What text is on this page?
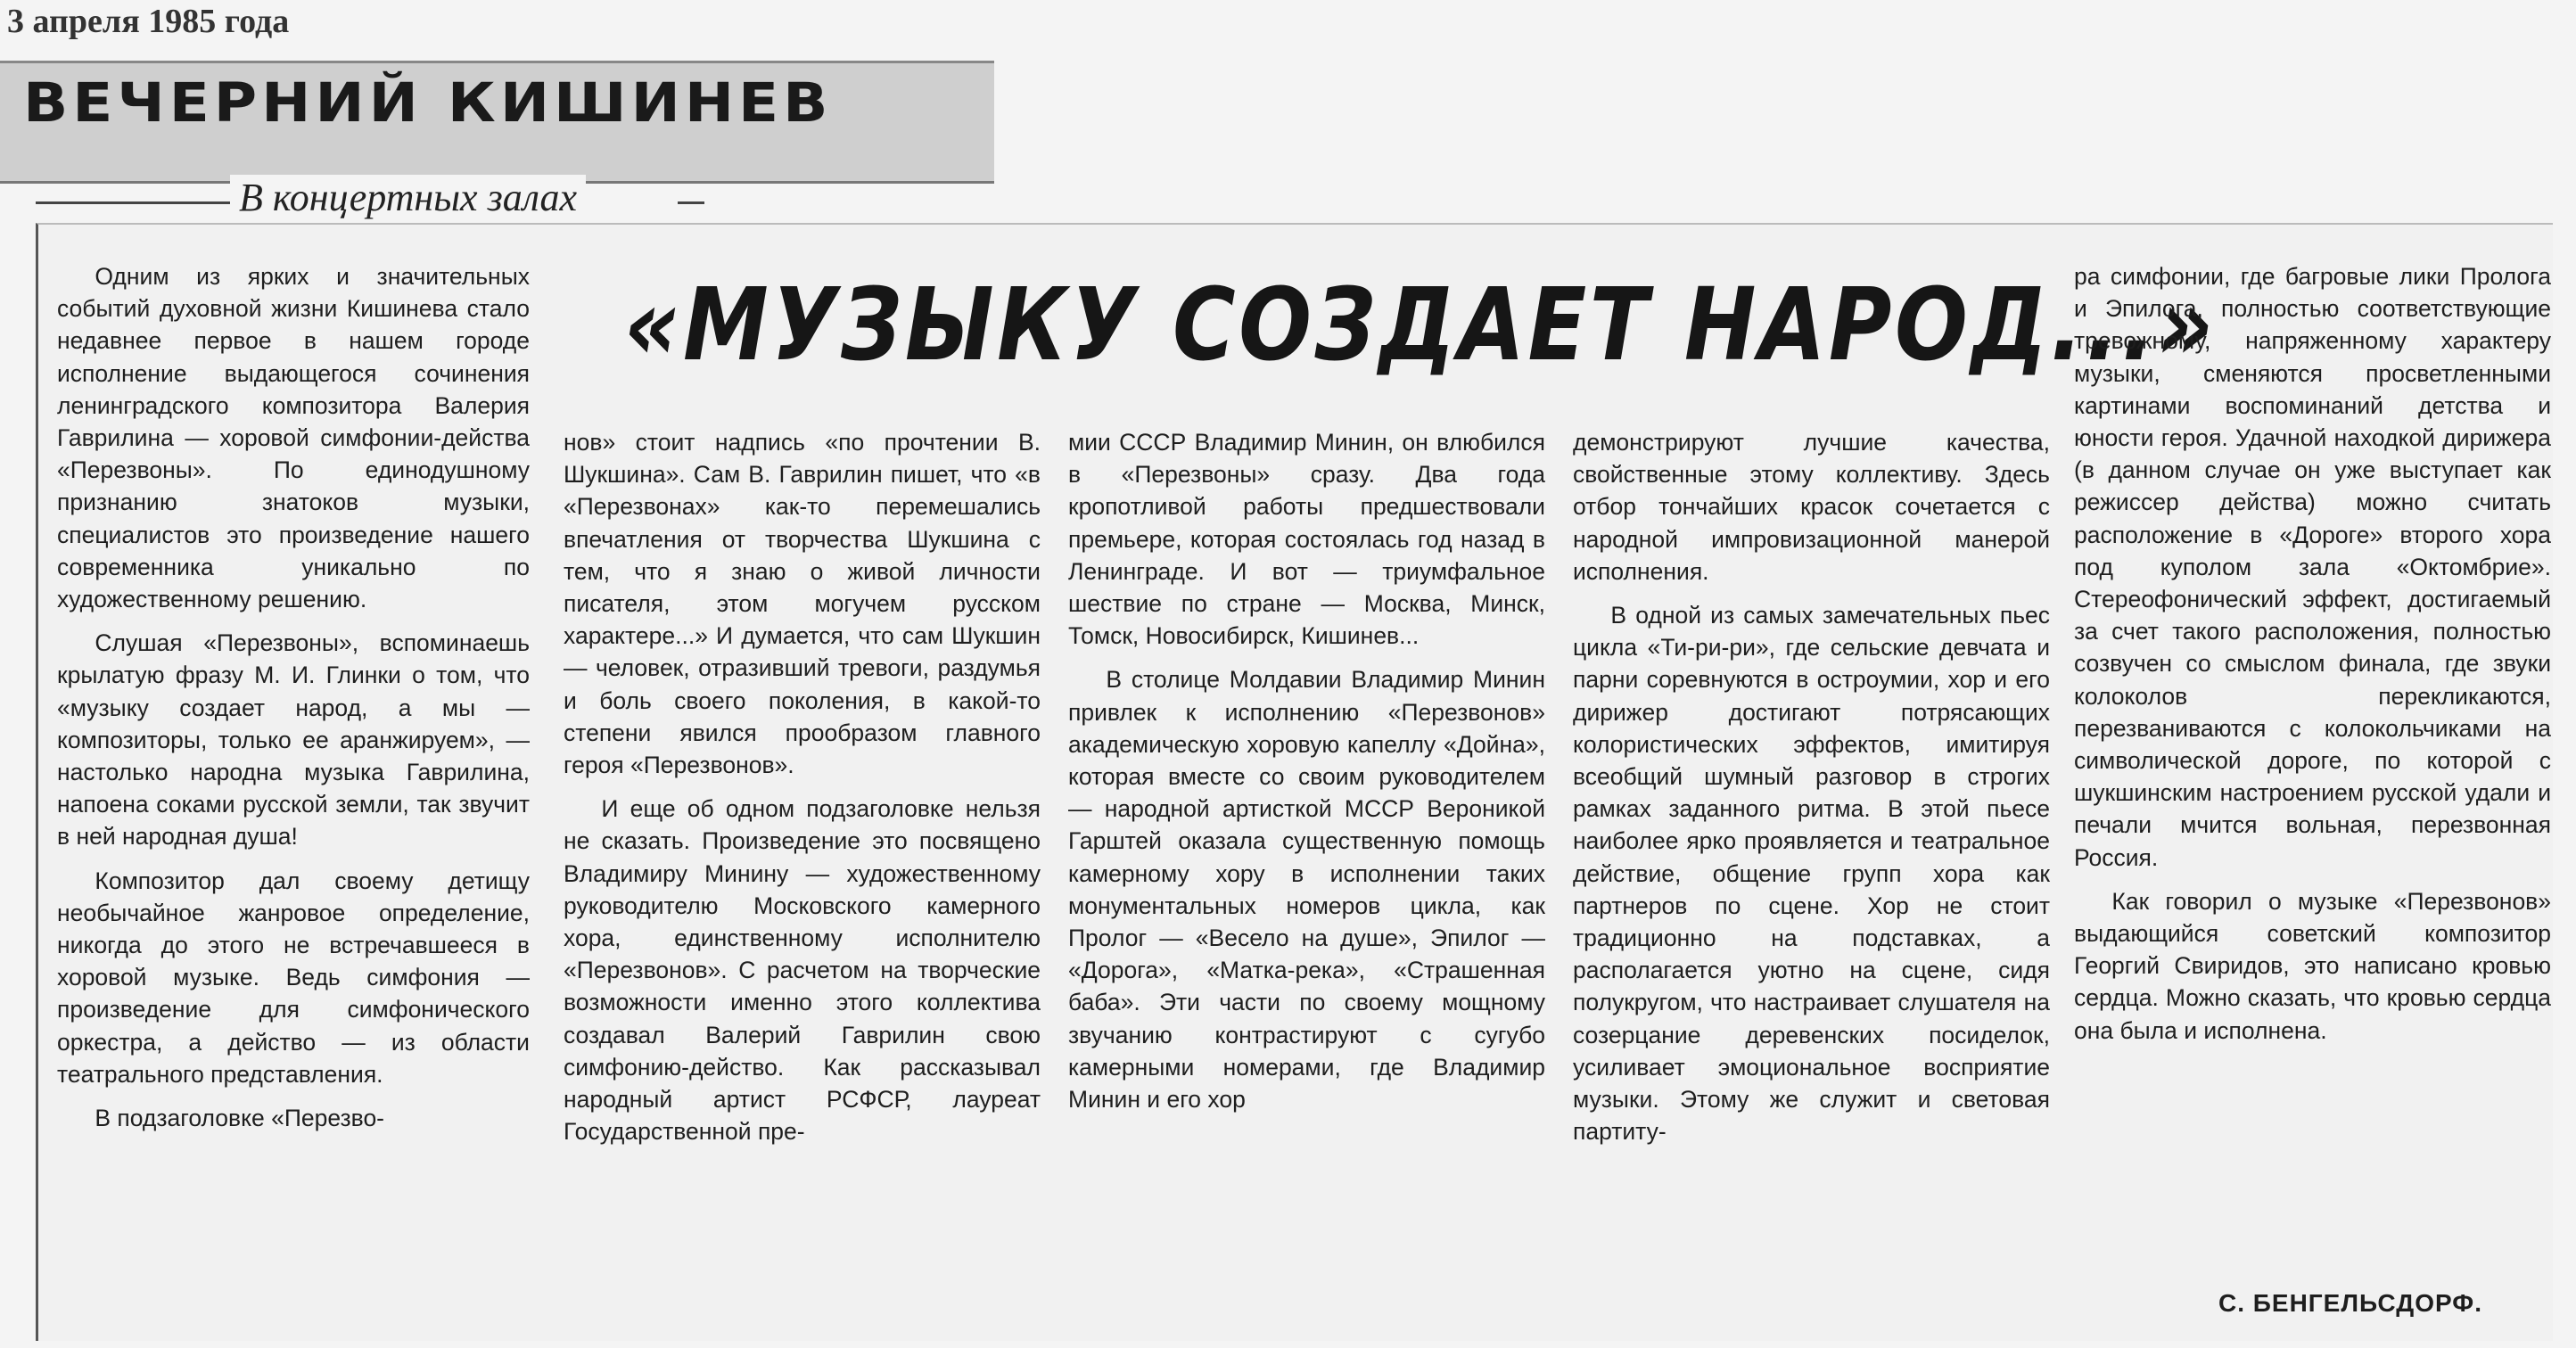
3 апреля 1985 года
ВЕЧЕРНИЙ КИШИНЕВ
В концертных залах
«МУЗЫКУ СОЗДАЕТ НАРОД...»

Одним из ярких и значительных событий духовной жизни Кишинева стало недавнее первое в нашем городе исполнение выдающегося сочинения ленинградского композитора Валерия Гаврилина — хоровой симфонии-действа «Перезвоны». По единодушному признанию знатоков музыки, специалистов это произведение нашего современника уникально по художественному решению.

Слушая «Перезвоны», вспоминаешь крылатую фразу М. И. Глинки о том, что «музыку создает народ, а мы — композиторы, только ее аранжируем», — настолько народна музыка Гаврилина, напоена соками русской земли, так звучит в ней народная душа!

Композитор дал своему детищу необычайное жанровое определение, никогда до этого не встречавшееся в хоровой музыке. Ведь симфония — произведение для симфонического оркестра, а действо — из области театрального представления.

В подзаголовке «Перезво-

нов» стоит надпись «по прочтении В. Шукшина». Сам В. Гаврилин пишет, что «в «Перезвонах» как-то перемешались впечатления от творчества Шукшина с тем, что я знаю о живой личности писателя, этом могучем русском характере...» И думается, что сам Шукшин — человек, отразивший тревоги, раздумья и боль своего поколения, в какой-то степени явился прообразом главного героя «Перезвонов».

И еще об одном подзаголовке нельзя не сказать. Произведение это посвящено Владимиру Минину — художественному руководителю Московского камерного хора, единственному исполнителю «Перезвонов». С расчетом на творческие возможности именно этого коллектива создавал Валерий Гаврилин свою симфонию-действо. Как рассказывал народный артист РСФСР, лауреат Государственной пре-

мии СССР Владимир Минин, он влюбился в «Перезвоны» сразу. Два года кропотливой работы предшествовали премьере, которая состоялась год назад в Ленинграде. И вот — триумфальное шествие по стране — Москва, Минск, Томск, Новосибирск, Кишинев...

В столице Молдавии Владимир Минин привлек к исполнению «Перезвонов» академическую хоровую капеллу «Дойна», которая вместе со своим руководителем — народной артисткой МССР Вероникой Гарштей оказала существенную помощь камерному хору в исполнении таких монументальных номеров цикла, как Пролог — «Весело на душе», Эпилог — «Дорога», «Матка-река», «Страшенная баба». Эти части по своему мощному звучанию контрастируют с сугубо камерными номерами, где Владимир Минин и его хор

демонстрируют лучшие качества, свойственные этому коллективу. Здесь отбор тончайших красок сочетается с народной импровизационной манерой исполнения.

В одной из самых замечательных пьес цикла «Ти-ри-ри», где сельские девчата и парни соревнуются в остроумии, хор и его дирижер достигают потрясающих колористических эффектов, имитируя всеобщий шумный разговор в строгих рамках заданного ритма. В этой пьесе наиболее ярко проявляется и театральное действие, общение групп хора как партнеров по сцене. Хор не стоит традиционно на подставках, а располагается уютно на сцене, сидя полукругом, что настраивает слушателя на созерцание деревенских посиделок, усиливает эмоциональное восприятие музыки. Этому же служит и световая партиту-

ра симфонии, где багровые лики Пролога и Эпилога, полностью соответствующие тревожному, напряженному характеру музыки, сменяются просветленными картинами воспоминаний детства и юности героя. Удачной находкой дирижера (в данном случае он уже выступает как режиссер действа) можно считать расположение в «Дороге» второго хора под куполом зала «Октомбрие». Стереофонический эффект, достигаемый за счет такого расположения, полностью созвучен со смыслом финала, где звуки колоколов перекликаются, перезваниваются с колокольчиками на символической дороге, по которой с шукшинским настроением русской удали и печали мчится вольная, перезвонная Россия.

Как говорил о музыке «Перезвонов» выдающийся советский композитор Георгий Свиридов, это написано кровью сердца. Можно сказать, что кровью сердца она была и исполнена.

С. БЕНГЕЛЬСДОРФ.
